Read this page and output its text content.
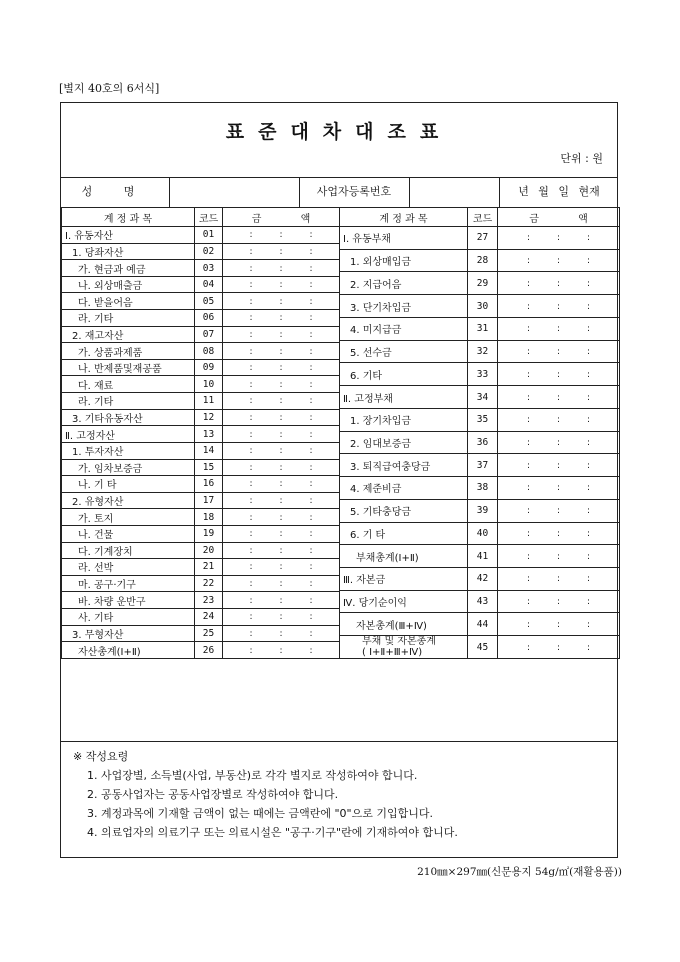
[별지 40호의 6서식]
표준대차대조표
단위 : 원
성 명	사업자등록번호	년 월 일 현재
계 정 과 목	코드	금 액
Ⅰ. 유동자산	01	: : :
1. 당좌자산	02	: : :
가. 현금과 예금	03	: : :
나. 외상매출금	04	: : :
다. 받을어음	05	: : :
라. 기타	06	: : :
2. 재고자산	07	: : :
가. 상품과제품	08	: : :
나. 반제품및재공품	09	: : :
다. 재료	10	: : :
라. 기타	11	: : :
3. 기타유동자산	12	: : :
Ⅱ. 고정자산	13	: : :
1. 투자자산	14	: : :
가. 임차보증금	15	: : :
나. 기 타	16	: : :
2. 유형자산	17	: : :
가. 토지	18	: : :
나. 건물	19	: : :
다. 기계장치	20	: : :
라. 선박	21	: : :
마. 공구·기구	22	: : :
바. 차량 운반구	23	: : :
사. 기타	24	: : :
3. 무형자산	25	: : :
자산총계(Ⅰ+Ⅱ)	26	: : :
계 정 과 목	코드	금 액
Ⅰ. 유동부채	27	: : :
1. 외상매입금	28	: : :
2. 지급어음	29	: : :
3. 단기차입금	30	: : :
4. 미지급금	31	: : :
5. 선수금	32	: : :
6. 기타	33	: : :
Ⅱ. 고정부채	34	: : :
1. 장기차입금	35	: : :
2. 임대보증금	36	: : :
3. 퇴직급여충당금	37	: : :
4. 제준비금	38	: : :
5. 기타충당금	39	: : :
6. 기 타	40	: : :
부채총계(Ⅰ+Ⅱ)	41	: : :
Ⅲ. 자본금	42	: : :
Ⅳ. 당기순이익	43	: : :
자본총계(Ⅲ+Ⅳ)	44	: : :
부채 및 자본총계
( Ⅰ+Ⅱ+Ⅲ+Ⅳ)	45	: : :
※ 작성요령
1. 사업장별, 소득별(사업, 부동산)로 각각 별지로 작성하여야 합니다.
2. 공동사업자는 공동사업장별로 작성하여야 합니다.
3. 계정과목에 기재할 금액이 없는 때에는 금액란에 "0"으로 기입합니다.
4. 의료업자의 의료기구 또는 의료시설은 "공구·기구"란에 기재하여야 합니다.
210㎜×297㎜(신문용지 54g/㎡(재활용품))
